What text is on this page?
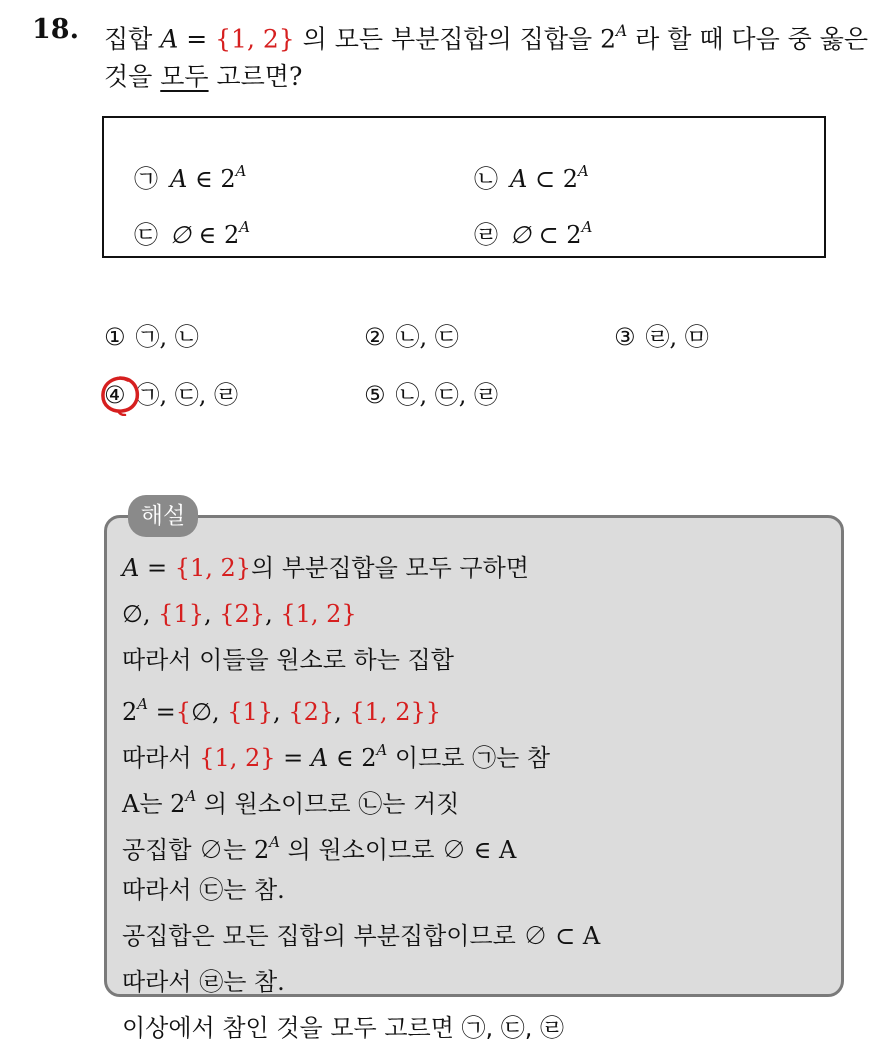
18. 집합 A = {1, 2} 의 모든 부분집합의 집합을 $2^A$ 라 할 때 다음 중 옳은
것을 모두 고르면?
㉠ A ∈ $2^A$	㉡ A ⊂ $2^A$
㉢ ∅ ∈ $2^A$	㉣ ∅ ⊂ $2^A$
① ㉠, ㉡	② ㉡, ㉢	③ ㉣, ㉤
④ ㉠, ㉢, ㉣	⑤ ㉡, ㉢, ㉣
해설
A = {1, 2}의 부분집합을 모두 구하면
∅, {1}, {2}, {1, 2}
따라서 이들을 원소로 하는 집합
$2^A$ ={∅, {1}, {2}, {1, 2}}
따라서 {1, 2} = A ∈ $2^A$ 이므로 ㉠는 참
A는 $2^A$ 의 원소이므로 ㉡는 거짓
공집합 ∅는 $2^A$ 의 원소이므로 ∅ ∈ A
따라서 ㉢는 참.
공집합은 모든 집합의 부분집합이므로 ∅ ⊂ A
따라서 ㉣는 참.
이상에서 참인 것을 모두 고르면 ㉠, ㉢, ㉣
